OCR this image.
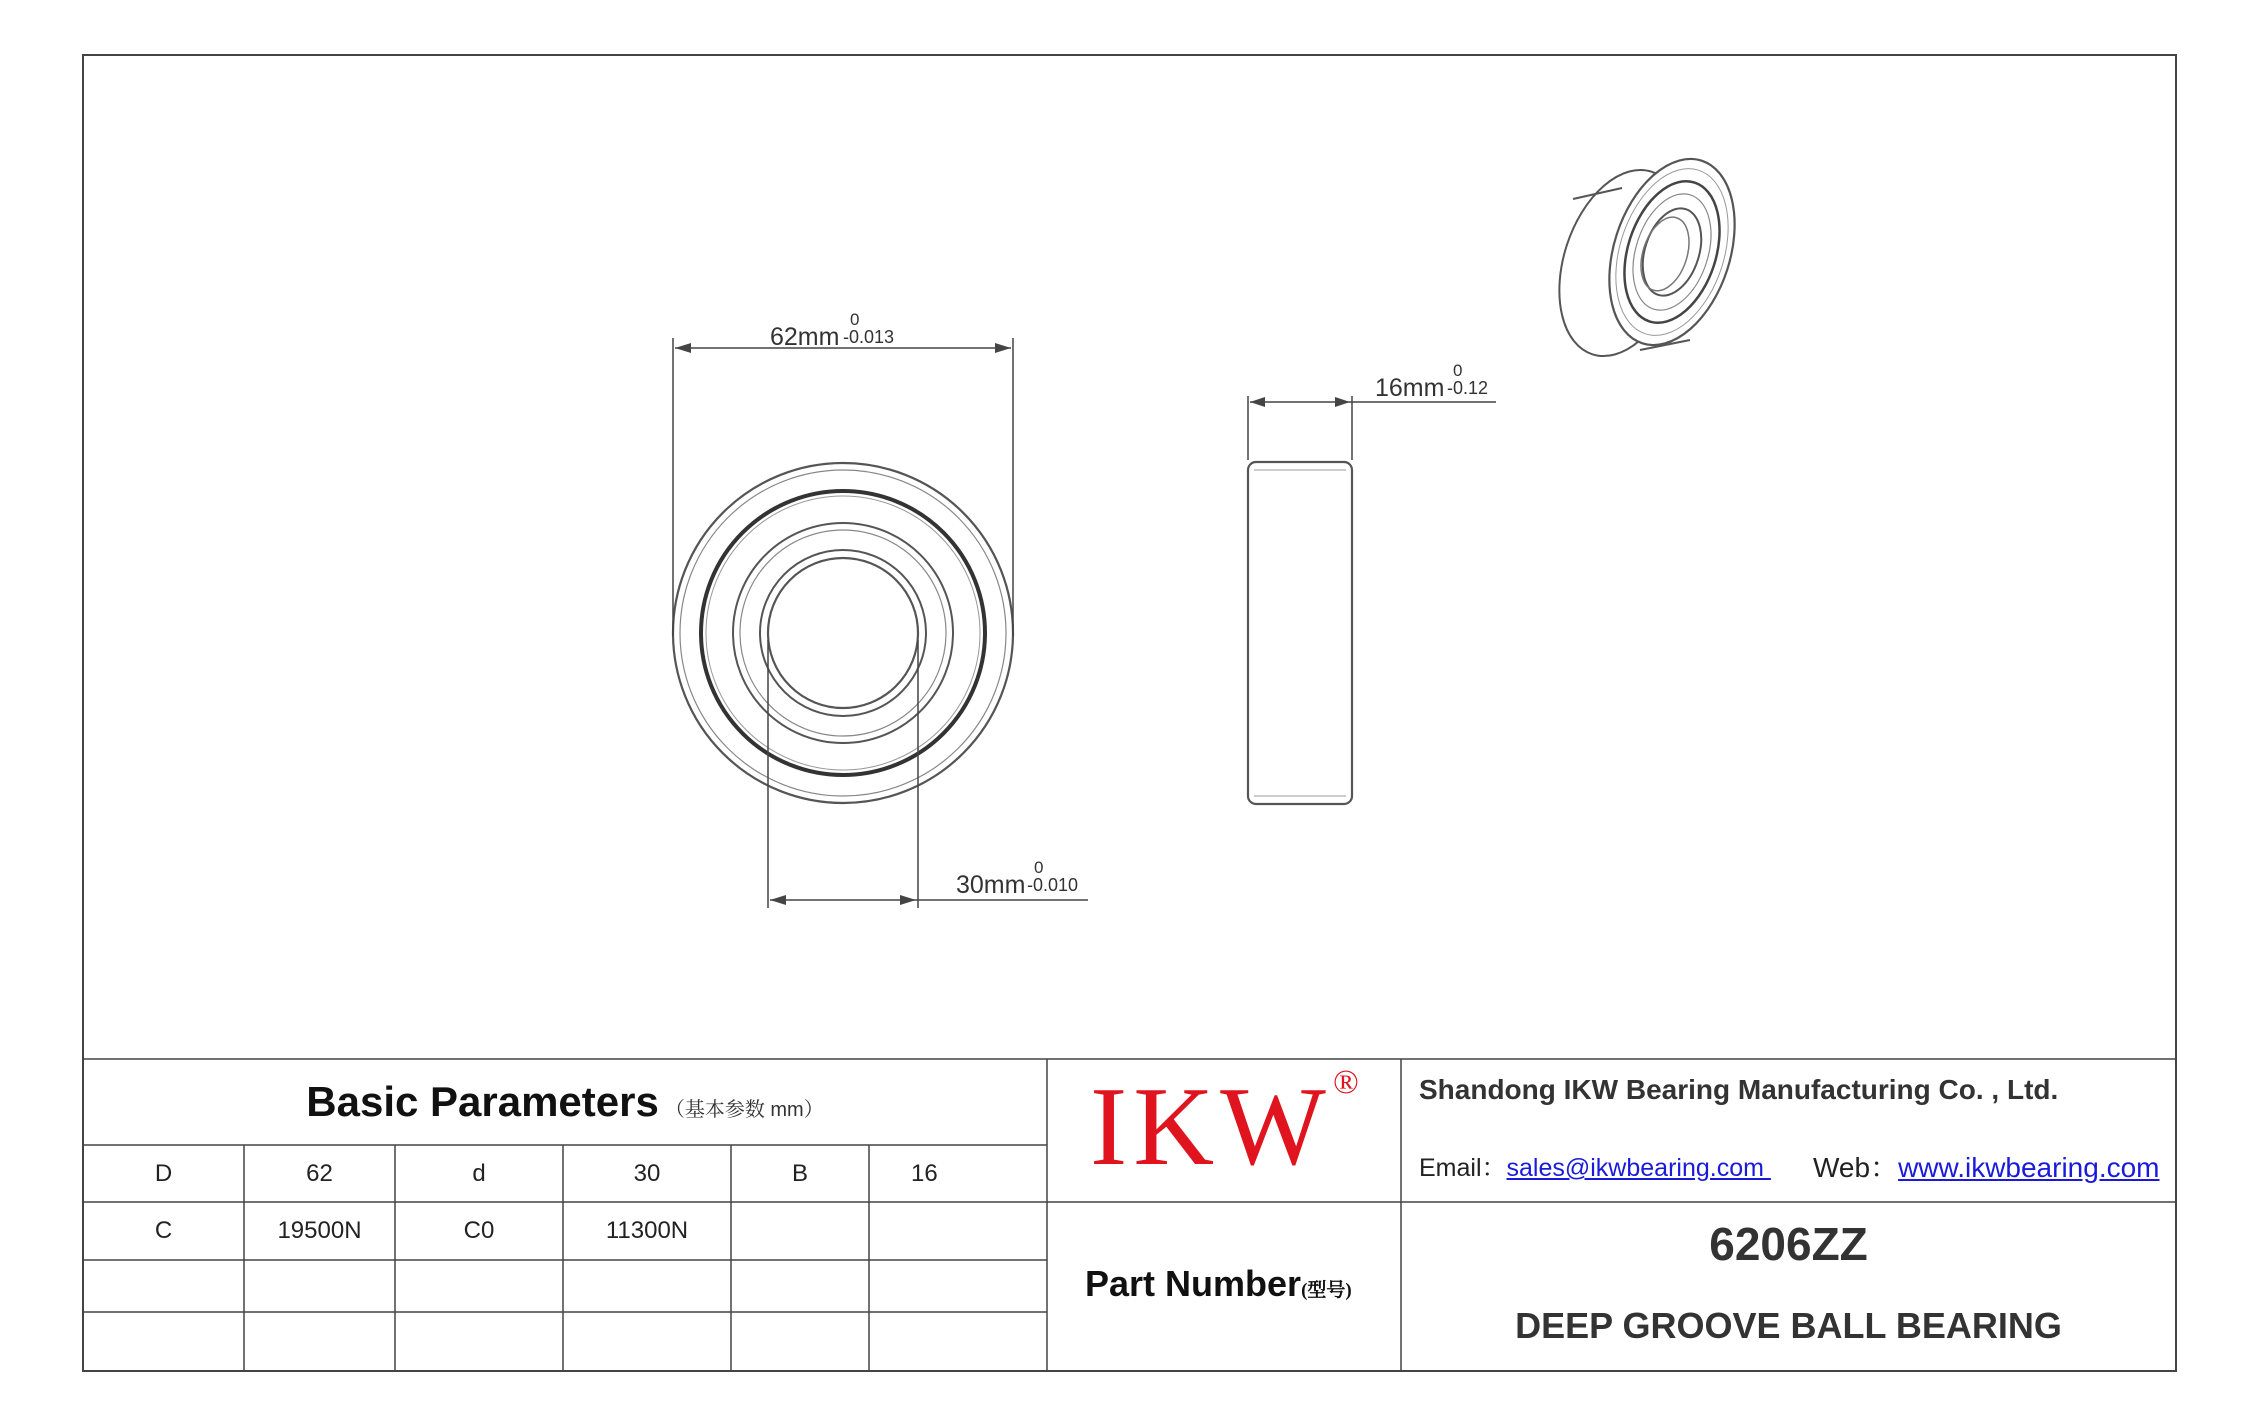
62mm
0
-0.013
30mm
0
-0.010
16mm
0
-0.12
Basic Parameters （基本参数 mm）
D	62	d	30	B	16
C	19500N	C0	11300N
IKW ® Shandong IKW Bearing Manufacturing Co. , Ltd.
Email：sales@ikwbearing.com Web：www.ikwbearing.com
Part Number(型号)
6206ZZ
DEEP GROOVE BALL BEARING
